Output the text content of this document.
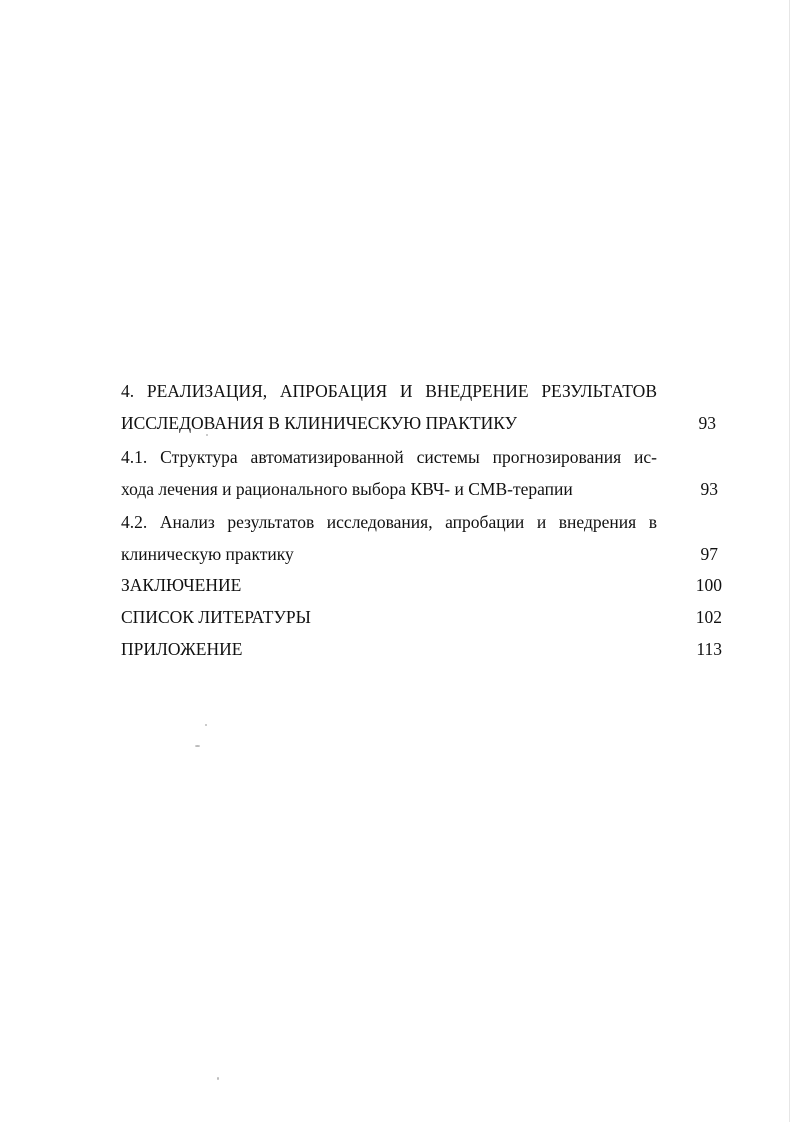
4. РЕАЛИЗАЦИЯ, АПРОБАЦИЯ И ВНЕДРЕНИЕ РЕЗУЛЬТАТОВ
ИССЛЕДОВАНИЯ В КЛИНИЧЕСКУЮ ПРАКТИКУ	93
4.1. Структура автоматизированной системы прогнозирования ис-
хода лечения и рационального выбора КВЧ- и СМВ-терапии	93
4.2. Анализ результатов исследования, апробации и внедрения в
клиническую практику	97
ЗАКЛЮЧЕНИЕ	100
СПИСОК ЛИТЕРАТУРЫ	102
ПРИЛОЖЕНИЕ	113
